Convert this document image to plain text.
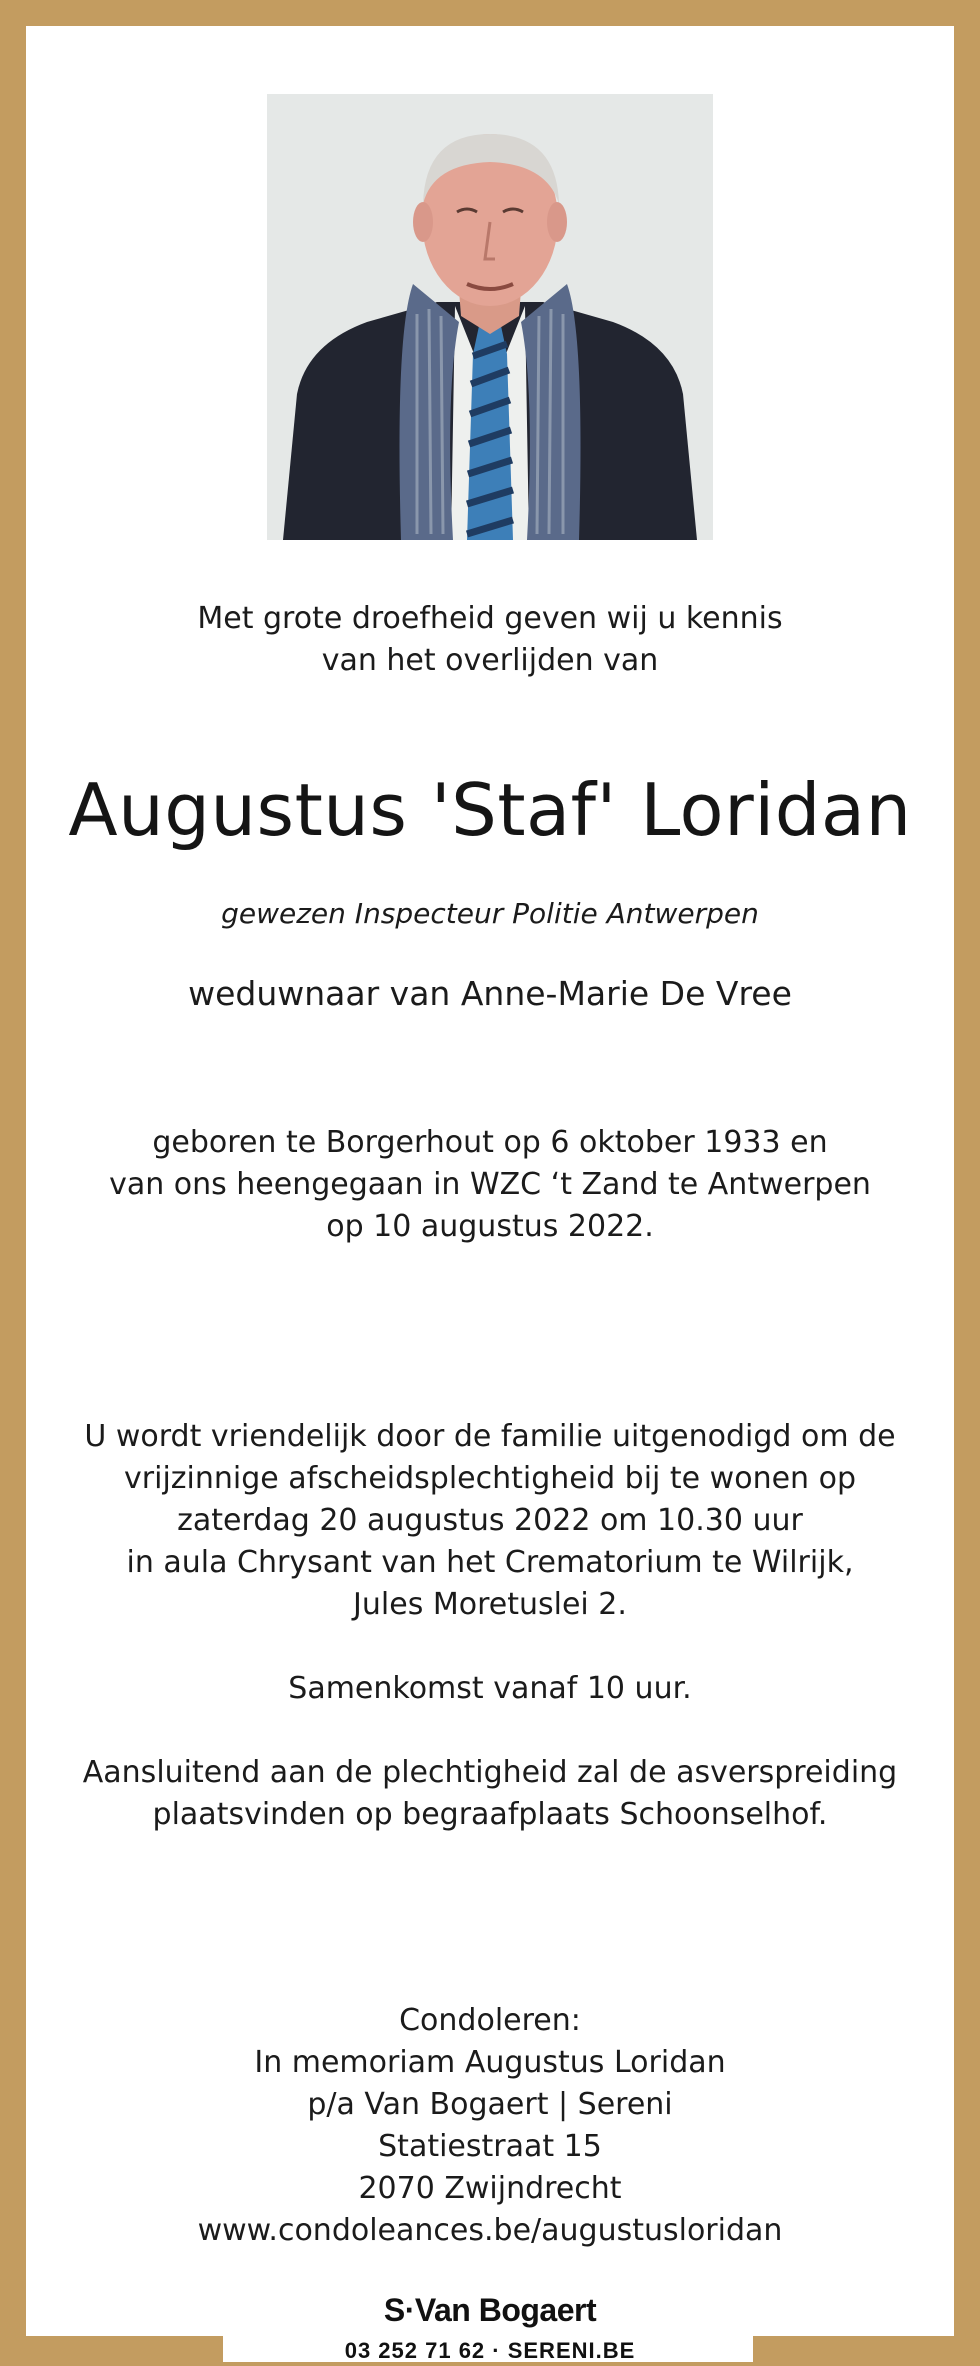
Met grote droefheid geven wij u kennis
van het overlijden van
Augustus 'Staf' Loridan
gewezen Inspecteur Politie Antwerpen
weduwnaar van Anne-Marie De Vree
geboren te Borgerhout op 6 oktober 1933 en
van ons heengegaan in WZC ‘t Zand te Antwerpen
op 10 augustus 2022.
U wordt vriendelijk door de familie uitgenodigd om de
vrijzinnige afscheidsplechtigheid bij te wonen op
zaterdag 20 augustus 2022 om 10.30 uur
in aula Chrysant van het Crematorium te Wilrijk,
Jules Moretuslei 2.
Samenkomst vanaf 10 uur.
Aansluitend aan de plechtigheid zal de asverspreiding
plaatsvinden op begraafplaats Schoonselhof.
Condoleren:
In memoriam Augustus Loridan
p/a Van Bogaert | Sereni
Statiestraat 15
2070 Zwijndrecht
www.condoleances.be/augustusloridan
S·Van Bogaert
03 252 71 62 · SERENI.BE
